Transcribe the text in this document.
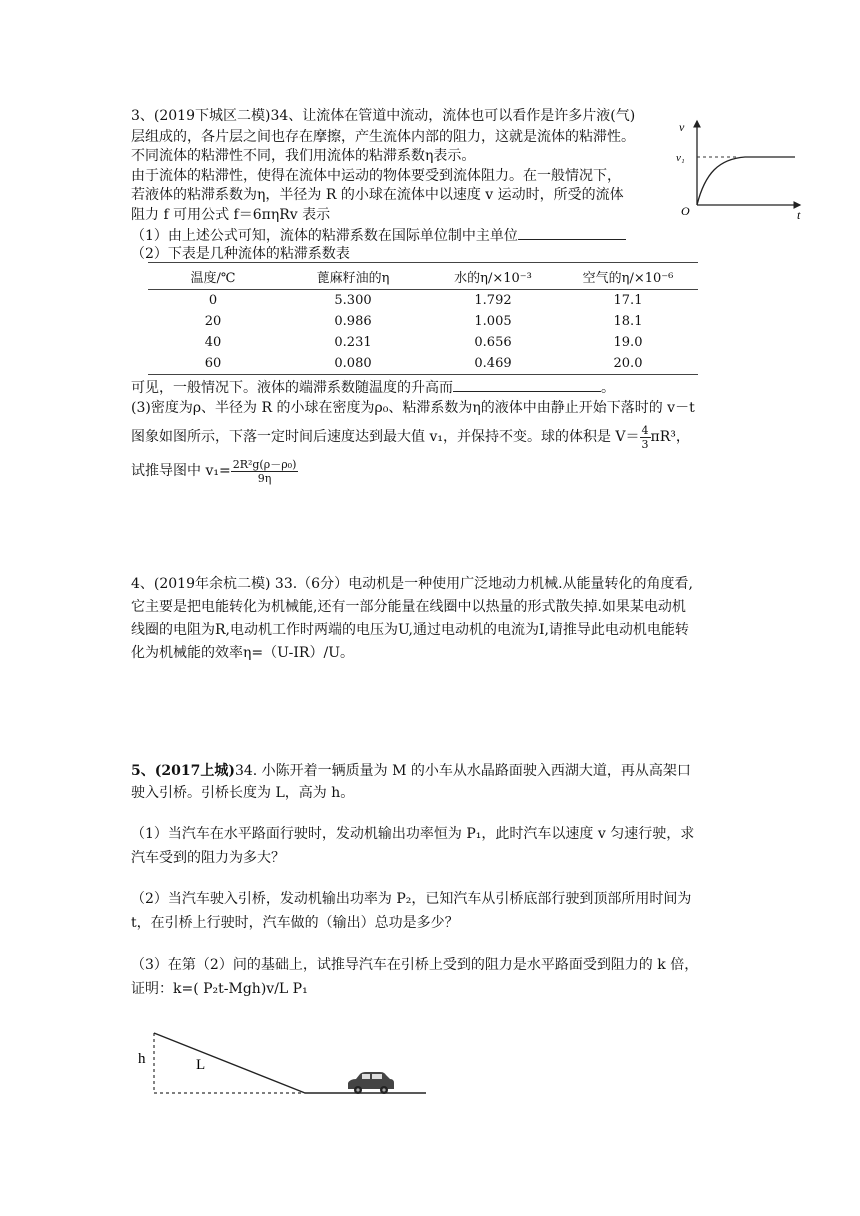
3、(2019下城区二模)34、让流体在管道中流动，流体也可以看作是许多片液(气)
层组成的，各片层之间也存在摩擦，产生流体内部的阻力，这就是流体的粘滞性。
不同流体的粘滞性不同，我们用流体的粘滞系数η表示。
由于流体的粘滞性，使得在流体中运动的物体要受到流体阻力。在一般情况下，
若液体的粘滞系数为η，半径为 R 的小球在流体中以速度 v 运动时，所受的流体
阻力 f 可用公式 f＝6πηRv 表示
（1）由上述公式可知，流体的粘滞系数在国际单位制中主单位
（2）下表是几种流体的粘滞系数表
v
v₁
O	t
温度/℃	蓖麻籽油的η	水的η/×10⁻³	空气的η/×10⁻⁶
0	5.300	1.792	17.1
20	0.986	1.005	18.1
40	0.231	0.656	19.0
60	0.080	0.469	20.0
可见，一般情况下。液体的端滞系数随温度的升高而	。
(3)密度为ρ、半径为 R 的小球在密度为ρ₀、粘滞系数为η的液体中由静止开始下落时的 v－t
图象如图所示，下落一定时间后速度达到最大值 v₁，并保持不变。球的体积是 $V= \frac{4}{3} \pi R^3$，
试推导图中 $v_1= \frac{\text{2R²g(ρ－ρ₀)}}{9\eta}$
4、(2019年余杭二模) 33.（6分）电动机是一种使用广泛地动力机械.从能量转化的角度看,
它主要是把电能转化为机械能,还有一部分能量在线圈中以热量的形式散失掉.如果某电动机
线圈的电阻为R,电动机工作时两端的电压为U,通过电动机的电流为I,请推导此电动机电能转
化为机械能的效率η=（U-IR）/U。
5、(2017上城)34. 小陈开着一辆质量为 M 的小车从水晶路面驶入西湖大道，再从高架口
驶入引桥。引桥长度为 L，高为 h。
（1）当汽车在水平路面行驶时，发动机输出功率恒为 P₁，此时汽车以速度 v 匀速行驶，求
汽车受到的阻力为多大？
（2）当汽车驶入引桥，发动机输出功率为 P₂，已知汽车从引桥底部行驶到顶部所用时间为
t，在引桥上行驶时，汽车做的（输出）总功是多少？
（3）在第（2）问的基础上，试推导汽车在引桥上受到的阻力是水平路面受到阻力的 k 倍，
证明：k=( P₂t-Mgh)v/L P₁
h	L
